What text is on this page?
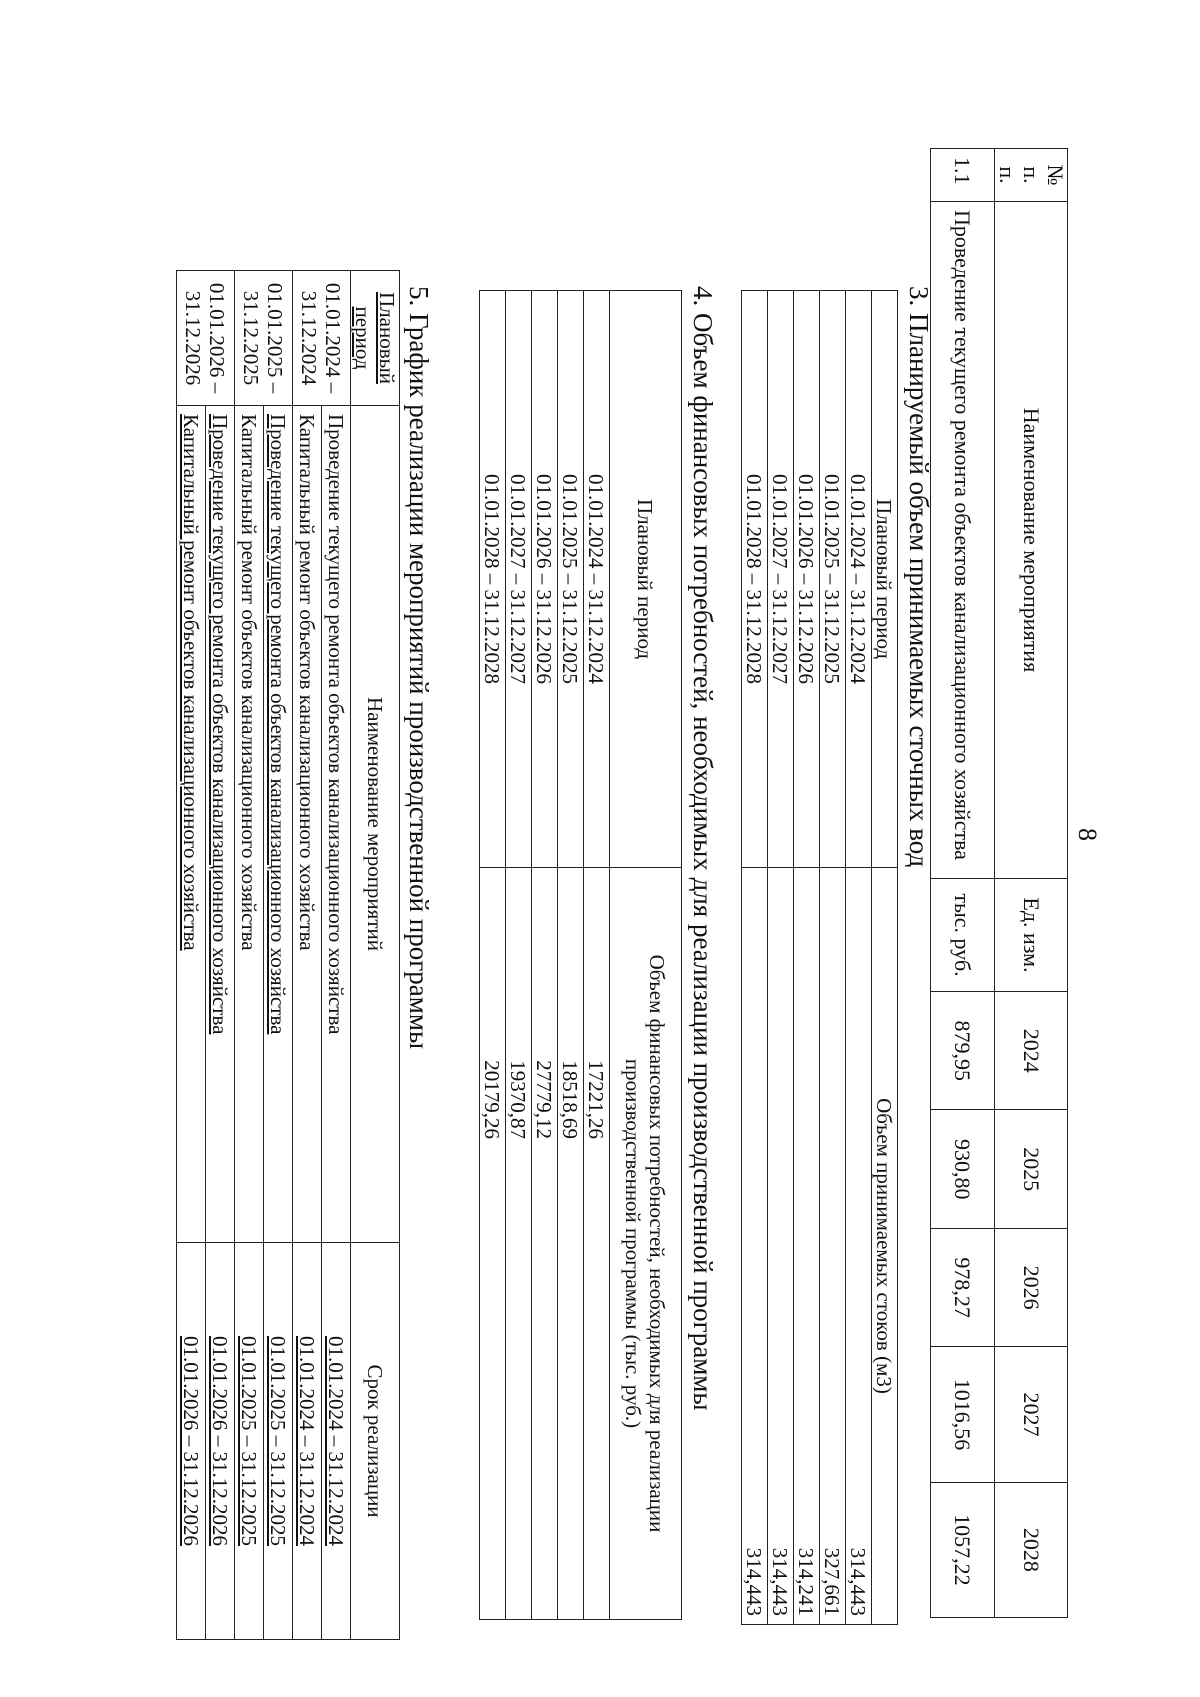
8
№ п. п.	Наименование мероприятия	Ед. изм.	2024	2025	2026	2027	2028
1.1	Проведение текущего ремонта объектов канализационного хозяйства	тыс. руб.	879,95	930,80	978,27	1016,56	1057,22
3. Планируемый объем принимаемых сточных вод
Плановый период	Объем принимаемых стоков (м3)
01.01.2024 – 31.12.2024	314,443
01.01.2025 – 31.12.2025	327,661
01.01.2026 – 31.12.2026	314,241
01.01.2027 – 31.12.2027	314,443
01.01.2028 – 31.12.2028	314,443
4. Объем финансовых потребностей, необходимых для реализации производственной программы
Плановый период	Объем финансовых потребностей, необходимых для реализации производственной программы (тыс. руб.)
01.01.2024 – 31.12.2024	17221,26
01.01.2025 – 31.12.2025	18518,69
01.01.2026 – 31.12.2026	27779,12
01.01.2027 – 31.12.2027	19370,87
01.01.2028 – 31.12.2028	20179,26
5. График реализации мероприятий производственной программы
Плановый период	Наименование мероприятий	Срок реализации
01.01.2024 – 31.12.2024	Проведение текущего ремонта объектов канализационного хозяйства	01.01.2024 – 31.12.2024
	Капитальный ремонт объектов канализационного хозяйства	01.01.2024 – 31.12.2024
01.01.2025 – 31.12.2025	Проведение текущего ремонта объектов канализационного хозяйства	01.01.2025 – 31.12.2025
	Капитальный ремонт объектов канализационного хозяйства	01.01.2025 – 31.12.2025
01.01.2026 – 31.12.2026	Проведение текущего ремонта объектов канализационного хозяйства	01.01.2026 – 31.12.2026
	Капитальный ремонт объектов канализационного хозяйства	01.01.2026 – 31.12.2026
